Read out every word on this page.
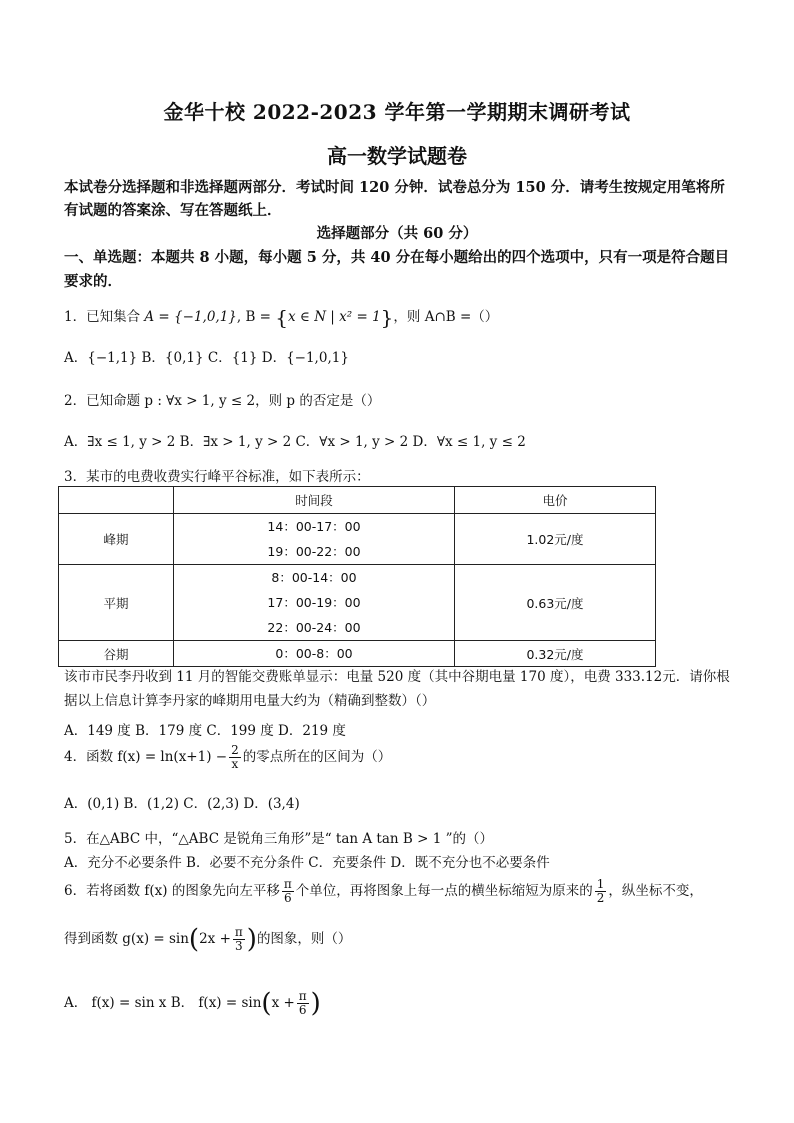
金华十校 2022-2023 学年第一学期期末调研考试
高一数学试题卷
本试卷分选择题和非选择题两部分．考试时间 120 分钟．试卷总分为 150 分．请考生按规定用笔将所有试题的答案涂、写在答题纸上．
选择题部分（共 60 分）
一、单选题：本题共 8 小题，每小题 5 分，共 40 分在每小题给出的四个选项中，只有一项是符合题目要求的．
1．已知集合 A = {−1,0,1}, B = {x ∈ N | x² = 1}，则 A∩B =（）
A．{−1,1} B．{0,1} C．{1} D．{−1,0,1}
2．已知命题 p : ∀x > 1, y ≤ 2，则 p 的否定是（）
A．∃x ≤ 1, y > 2 B．∃x > 1, y > 2 C．∀x > 1, y > 2 D．∀x ≤ 1, y ≤ 2
3．某市的电费收费实行峰平谷标准，如下表所示：
	时间段	电价
峰期	14：00-17：00
19：00-22：00	1.02元/度
平期	8：00-14：00
17：00-19：00
22：00-24：00	0.63元/度
谷期	0：00-8：00	0.32元/度
该市市民李丹收到 11 月的智能交费账单显示：电量 520 度（其中谷期电量 170 度），电费 333.12元．请你根据以上信息计算李丹家的峰期用电量大约为（精确到整数）（）
A．149 度 B．179 度 C．199 度 D．219 度
4．函数 $f(x) = \ln(x+1) - \frac{2}{x}$ 的零点所在的区间为（）
A．(0,1) B．(1,2) C．(2,3) D．(3,4)
5．在△ABC 中，“△ABC 是锐角三角形”是“ tan A tan B > 1 ”的（）
A．充分不必要条件 B．必要不充分条件 C．充要条件 D．既不充分也不必要条件
6．若将函数 f(x) 的图象先向左平移 $\frac{\pi}{6}$ 个单位，再将图象上每一点的横坐标缩短为原来的 $\frac{1}{2}$ ，纵坐标不变，
得到函数 $g(x) = \sin(2x + \frac{\pi}{3}$ )的图象，则（）
A． f(x) = sin x B． $f(x) = \sin(x + \frac{\pi}{6}$ )
